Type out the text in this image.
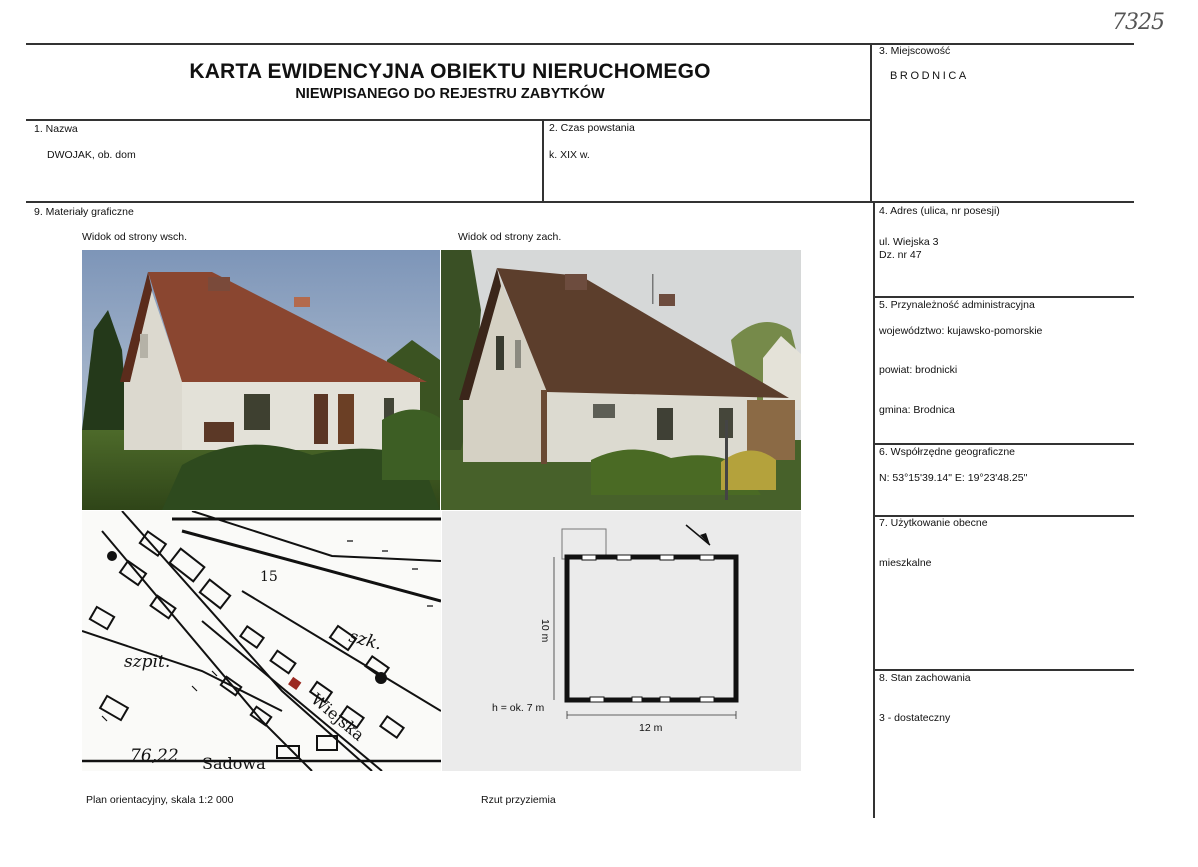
7325
KARTA EWIDENCYJNA OBIEKTU NIERUCHOMEGO
NIEWPISANEGO DO REJESTRU ZABYTKÓW
3. Miejscowość
BRODNICA
4. Adres (ulica, nr posesji)
ul. Wiejska 3
Dz. nr 47
5. Przynależność administracyjna
województwo: kujawsko-pomorskie
powiat: brodnicki
gmina: Brodnica
6. Współrzędne geograficzne
N: 53°15'39.14" E: 19°23'48.25"
7. Użytkowanie obecne
mieszkalne
8. Stan zachowania
3 - dostateczny
1. Nazwa
DWOJAK, ob. dom
2. Czas powstania
k. XIX w.
9. Materiały graficzne
Widok od strony wsch.	Widok od strony zach.
szpit.
szk.
Wiejska
Sadowa
76,22
15
12 m
10 m
h = ok. 7 m
Plan orientacyjny, skala 1:2 000	Rzut przyziemia
